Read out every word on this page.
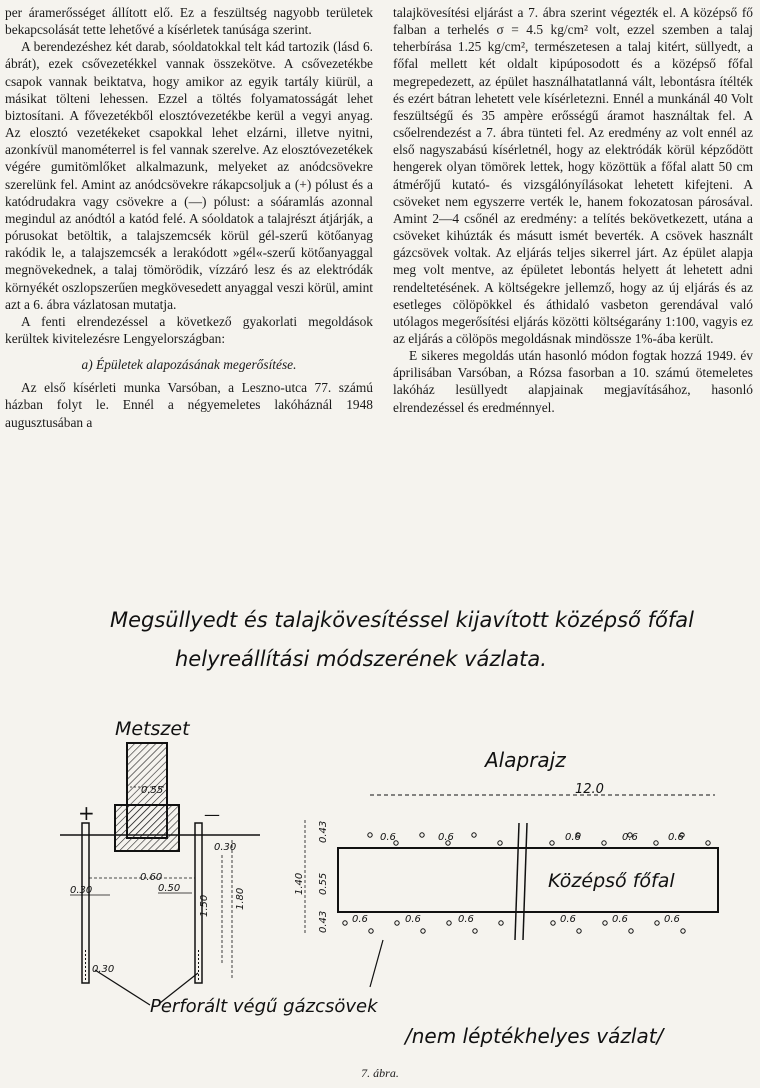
per áramerősséget állított elő. Ez a feszültség nagyobb területek bekapcsolását tette lehetővé a kísérletek tanúsága szerint.

A berendezéshez két darab, sóoldatokkal telt kád tartozik (lásd 6. ábrát), ezek csővezetékkel vannak összekötve. A csővezetékbe csapok vannak beiktatva, hogy amikor az egyik tartály kiürül, a másikat tölteni lehessen. Ezzel a töltés folyamatosságát lehet biztosítani. A fővezetékből elosztóvezetékbe kerül a vegyi anyag. Az elosztó vezetékeket csapokkal lehet elzárni, illetve nyitni, azonkívül manométerrel is fel vannak szerelve. Az elosztóvezetékek végére gumitömlőket alkalmazunk, melyeket az anódcsövekre szerelünk fel. Amint az anódcsövekre rákapcsoljuk a (+) pólust és a katódrudakra vagy csövekre a (—) pólust: a sóáramlás azonnal megindul az anódtól a katód felé. A sóoldatok a talajrészt átjárják, a pórusokat betöltik, a talajszemcsék körül gél-szerű kötőanyag rakódik le, a talajszemcsék a lerakódott »gél«-szerű kötőanyaggal megnövekednek, a talaj tömörödik, vízzáró lesz és az elektródák környékét oszlopszerűen megkövesedett anyaggal veszi körül, amint azt a 6. ábra vázlatosan mutatja.

A fenti elrendezéssel a következő gyakorlati megoldások kerültek kivitelezésre Lengyelországban:

a) Épületek alapozásának megerősítése.

Az első kísérleti munka Varsóban, a Leszno-utca 77. számú házban folyt le. Ennél a négyemeletes lakóháznál 1948 augusztusában a

talajkövesítési eljárást a 7. ábra szerint végezték el. A középső fő falban a terhelés σ = 4.5 kg/cm² volt, ezzel szemben a talaj teherbírása 1.25 kg/cm², természetesen a talaj kitért, süllyedt, a főfal mellett két oldalt kipúposodott és a középső főfal megrepedezett, az épület használhatatlanná vált, lebontásra ítélték és ezért bátran lehetett vele kísérletezni. Ennél a munkánál 40 Volt feszültségű és 35 ampère erősségű áramot használtak fel. A csőelrendezést a 7. ábra tünteti fel. Az eredmény az volt ennél az első nagyszabású kísérletnél, hogy az elektródák körül képződött hengerek olyan tömörek lettek, hogy közöttük a főfal alatt 50 cm átmérőjű kutató- és vizsgálónyílásokat lehetett kifejteni. A csöveket nem egyszerre verték le, hanem fokozatosan párosával. Amint 2—4 csőnél az eredmény: a telítés bekövetkezett, utána a csöveket kihúzták és másutt ismét beverték. A csövek használt gázcsövek voltak. Az eljárás teljes sikerrel járt. Az épület alapja meg volt mentve, az épületet lebontás helyett át lehetett adni rendeltetésének. A költségekre jellemző, hogy az új eljárás és az esetleges cölöpökkel és áthidaló vasbeton gerendával való utólagos megerősítési eljárás közötti költségarány 1:100, vagyis ez az eljárás a cölöpös megoldásnak mindössze 1%-ába került.

E sikeres megoldás után hasonló módon fogtak hozzá 1949. év áprilisában Varsóban, a Rózsa fasorban a 10. számú ötemeletes lakóház lesüllyedt alapjainak megjavításához, hasonló elrendezéssel és eredménnyel.

Megsüllyedt és talajkövesítéssel kijavított középső főfal
helyreállítási módszerének vázlata.
Metszet
+	—
0.55
0.30
0.60
0.30	0.50
1.50	1.80
0.30
Alaprajz
12.0
Középső főfal
0.6	0.6	0.6	0.6	0.6
0.6	0.6	0.6	0.6	0.6	0.6
1.40
0.43
0.55
0.43
Perforált végű gázcsövek
/nem léptékhelyes vázlat/
7. ábra.
